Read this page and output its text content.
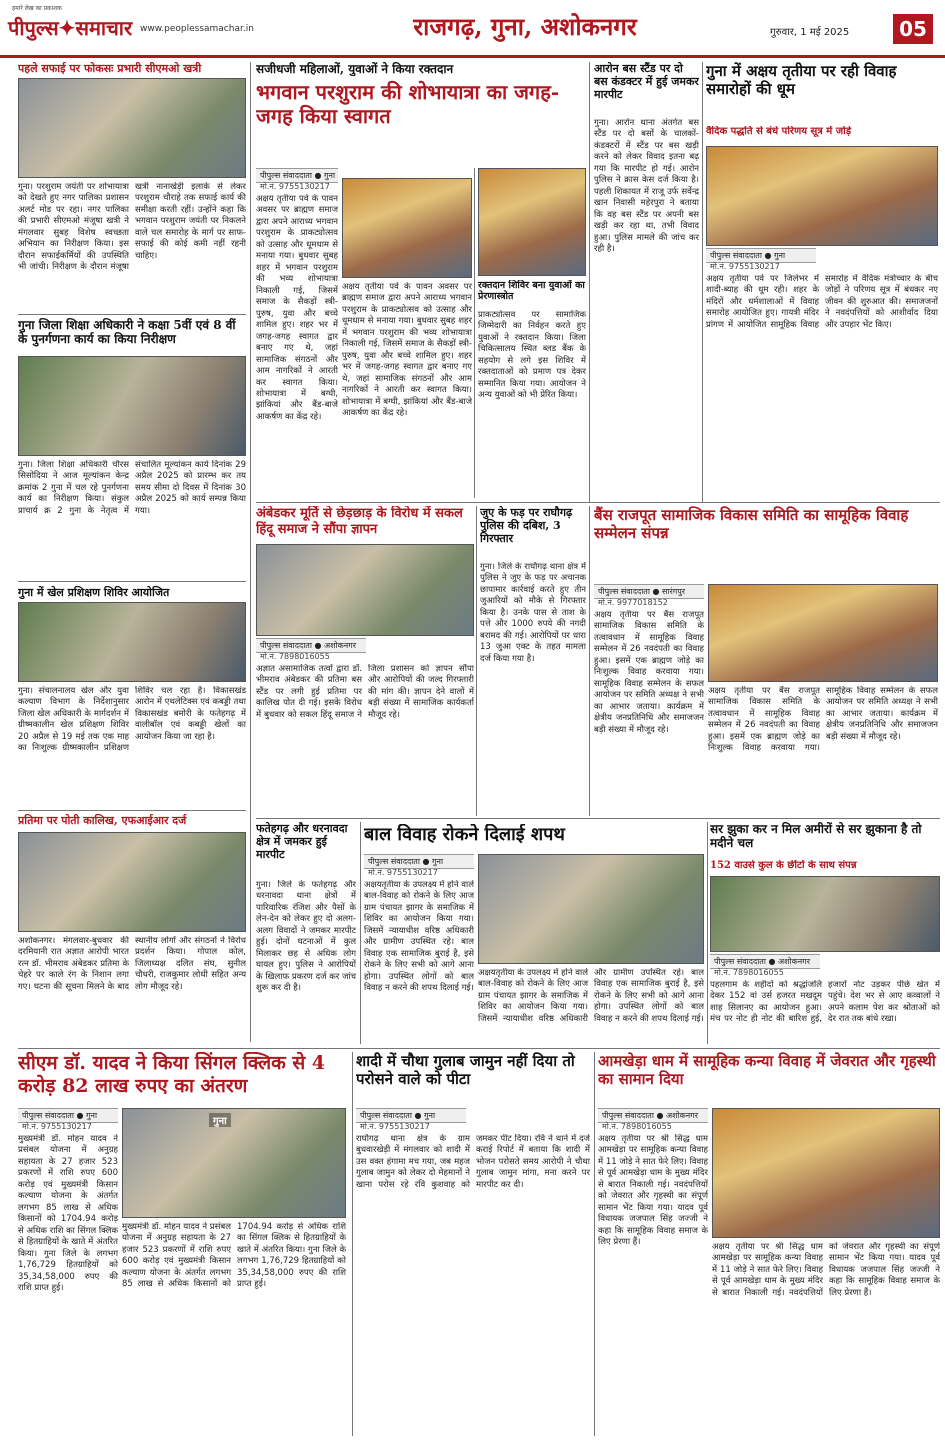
हमारे लेख का प्रकाशक
पीपुल्स✦समाचार www.peoplessamachar.in	राजगढ़, गुना, अशोकनगर	गुरुवार, 1 मई 2025	05
पहले सफाई पर फोकसः प्रभारी सीएमओ खत्री
गुना। परशुराम जयंती पर शोभायात्रा को देखते हुए नगर पालिका प्रशासन अलर्ट मोड पर रहा। नगर पालिका की प्रभारी सीएमओ मंजूषा खत्री ने मंगलवार सुबह विशेष स्वच्छता अभियान का निरीक्षण किया। इस दौरान सफाईकर्मियों की उपस्थिति भी जांची। निरीक्षण के दौरान मंजूषा खत्री नानाखेड़ी इलाके से लेकर परशुराम चौराहे तक सफाई कार्य की समीक्षा करती रहीं। उन्होंने कहा कि भगवान परशुराम जयंती पर निकलने वाले चल समारोह के मार्ग पर साफ-सफाई की कोई कमी नहीं रहनी चाहिए।
गुना जिला शिक्षा अधिकारी ने कक्षा 5वीं एवं 8 वीं के पुनर्गणना कार्य का किया निरीक्षण
गुना। जिला शिक्षा अधिकारी चौरस सिसोदिया ने आज मूल्यांकन केन्द्र क्रमांक 2 गुना में चल रहे पुनर्गणना कार्य का निरीक्षण किया। संकुल प्राचार्य क्र 2 गुना के नेतृत्व में संचालित मूल्यांकन कार्य दिनांक 29 अप्रैल 2025 को प्रारम्भ कर तय समय सीमा दो दिवस में दिनांक 30 अप्रैल 2025 को कार्य सम्पन्न किया गया।
गुना में खेल प्रशिक्षण शिविर आयोजित
गुना। संचालनालय खेल और युवा कल्याण विभाग के निर्देशानुसार जिला खेल अधिकारी के मार्गदर्शन में ग्रीष्मकालीन खेल प्रशिक्षण शिविर 20 अप्रैल से 19 मई तक एक माह का निःशुल्क ग्रीष्मकालीन प्रशिक्षण शिविर चल रहा है। विकासखंड आरोन में एथलेटिक्स एवं कबड्डी तथा विकासखंड बमोरी के फतेहगढ़ में वालीबॉल एवं कबड्डी खेलों का आयोजन किया जा रहा है।
प्रतिमा पर पोती कालिख, एफआईआर दर्ज
अशोकनगर। मंगलवार-बुधवार की दरमियानी रात अज्ञात आरोपी भारत रत्न डॉ. भीमराव अंबेडकर प्रतिमा के चेहरे पर काले रंग के निशान लगा गए। घटना की सूचना मिलने के बाद स्थानीय लोगों और संगठनों ने विरोध प्रदर्शन किया। गोपाल कोल, जिलाध्यक्ष दलित संघ, सुनील चौधरी, राजकुमार लोधी सहित अन्य लोग मौजूद रहे।
सजीधजी महिलाओं, युवाओं ने किया रक्तदान
भगवान परशुराम की शोभायात्रा का जगह-जगह किया स्वागत
पीपुल्स संवाददाता ● गुना
मो.नं. 9755130217
अक्षय तृतीया पर्व के पावन अवसर पर ब्राह्मण समाज द्वारा अपने आराध्य भगवान परशुराम के प्राकट्योत्सव को उत्साह और धूमधाम से मनाया गया। बुधवार सुबह शहर में भगवान परशुराम की भव्य शोभायात्रा निकाली गई, जिसमें समाज के सैकड़ों स्त्री-पुरुष, युवा और बच्चे शामिल हुए। शहर भर में जगह-जगह स्वागत द्वार बनाए गए थे, जहां सामाजिक संगठनों और आम नागरिकों ने आरती कर स्वागत किया। शोभायात्रा में बग्घी, झांकियां और बैंड-बाजे आकर्षण का केंद्र रहे।
अक्षय तृतीया पर्व के पावन अवसर पर ब्राह्मण समाज द्वारा अपने आराध्य भगवान परशुराम के प्राकट्योत्सव को उत्साह और धूमधाम से मनाया गया। बुधवार सुबह शहर में भगवान परशुराम की भव्य शोभायात्रा निकाली गई, जिसमें समाज के सैकड़ों स्त्री-पुरुष, युवा और बच्चे शामिल हुए। शहर भर में जगह-जगह स्वागत द्वार बनाए गए थे, जहां सामाजिक संगठनों और आम नागरिकों ने आरती कर स्वागत किया। शोभायात्रा में बग्घी, झांकियां और बैंड-बाजे आकर्षण का केंद्र रहे।
रक्तदान शिविर बना युवाओं का प्रेरणास्त्रोत
प्राकट्योत्सव पर सामाजिक जिम्मेदारी का निर्वहन करते हुए युवाओं ने रक्तदान किया। जिला चिकित्सालय स्थित ब्लड बैंक के सहयोग से लगे इस शिविर में रक्तदाताओं को प्रमाण पत्र देकर सम्मानित किया गया। आयोजन ने अन्य युवाओं को भी प्रेरित किया।
आरोन बस स्टैंड पर दो बस कंडक्टर में हुई जमकर मारपीट
गुना। आरोन थाना अंतर्गत बस स्टैंड पर दो बसों के चालकों-कंडक्टरों में स्टैंड पर बस खड़ी करने को लेकर विवाद इतना बढ़ गया कि मारपीट हो गई। आरोन पुलिस ने क्रास केस दर्ज किया है। पहली शिकायत में राजू उर्फ सर्वेन्द्र खान निवासी महेरपुरा ने बताया कि वह बस स्टैंड पर अपनी बस खड़ी कर रहा था, तभी विवाद हुआ। पुलिस मामले की जांच कर रही है।
गुना में अक्षय तृतीया पर रही विवाह समारोहों की धूम
वैदिक पद्धति से बंधे परिणय सूत्र में जोड़े
पीपुल्स संवाददाता ● गुना
मो.नं. 9755130217
अक्षय तृतीया पर्व पर जिलेभर में शादी-ब्याह की धूम रही। शहर के मंदिरों और धर्मशालाओं में विवाह समारोह आयोजित हुए। गायत्री मंदिर प्रांगण में आयोजित सामूहिक विवाह समारोह में वैदिक मंत्रोच्चार के बीच जोड़ों ने परिणय सूत्र में बंधकर नए जीवन की शुरुआत की। समाजजनों ने नवदंपत्तियों को आशीर्वाद दिया और उपहार भेंट किए।
अंबेडकर मूर्ति से छेड़छाड़ के विरोध में सकल हिंदू समाज ने सौंपा ज्ञापन
पीपुल्स संवाददाता ● अशोकनगर
मो.नं. 7898016055
अज्ञात असामाजिक तत्वों द्वारा डॉ. भीमराव अंबेडकर की प्रतिमा बस स्टैंड पर लगी हुई प्रतिमा पर कालिख पोत दी गई। इसके विरोध में बुधवार को सकल हिंदू समाज ने जिला प्रशासन को ज्ञापन सौंपा और आरोपियों की जल्द गिरफ्तारी की मांग की। ज्ञापन देने वालों में बड़ी संख्या में सामाजिक कार्यकर्ता मौजूद रहे।
जुए के फड़ पर राघौगढ़ पुलिस की दबिश, 3 गिरफ्तार
गुना। जिले के राघौगढ़ थाना क्षेत्र में पुलिस ने जुए के फड़ पर अचानक छापामार कार्रवाई करते हुए तीन जुआरियों को मौके से गिरफ्तार किया है। उनके पास से ताश के पत्ते और 1000 रुपये की नगदी बरामद की गई। आरोपियों पर धारा 13 जुआ एक्ट के तहत मामला दर्ज किया गया है।
बैंस राजपूत सामाजिक विकास समिति का सामूहिक विवाह सम्मेलन संपन्न
पीपुल्स संवाददाता ● सारंगपुर
मो.नं. 9977018152
अक्षय तृतीया पर बैंस राजपूत सामाजिक विकास समिति के तत्वावधान में सामूहिक विवाह सम्मेलन में 26 नवदंपती का विवाह हुआ। इसमें एक ब्राह्मण जोड़े का निःशुल्क विवाह करवाया गया। सामूहिक विवाह सम्मेलन के सफल आयोजन पर समिति अध्यक्ष ने सभी का आभार जताया। कार्यक्रम में क्षेत्रीय जनप्रतिनिधि और समाजजन बड़ी संख्या में मौजूद रहे।
अक्षय तृतीया पर बैंस राजपूत सामाजिक विकास समिति के तत्वावधान में सामूहिक विवाह सम्मेलन में 26 नवदंपती का विवाह हुआ। इसमें एक ब्राह्मण जोड़े का निःशुल्क विवाह करवाया गया। सामूहिक विवाह सम्मेलन के सफल आयोजन पर समिति अध्यक्ष ने सभी का आभार जताया। कार्यक्रम में क्षेत्रीय जनप्रतिनिधि और समाजजन बड़ी संख्या में मौजूद रहे।
फतेहगढ़ और धरनावदा क्षेत्र में जमकर हुई मारपीट
गुना। जिले के फतेहगढ़ और धरनावदा थाना क्षेत्रों में पारिवारिक रंजिश और पैसों के लेन-देन को लेकर हुए दो अलग-अलग विवादों ने जमकर मारपीट हुई। दोनों घटनाओं में कुल मिलाकर छह से अधिक लोग घायल हुए। पुलिस ने आरोपियों के खिलाफ प्रकरण दर्ज कर जांच शुरू कर दी है।
बाल विवाह रोकने दिलाई शपथ
पीपुल्स संवाददाता ● गुना
मो.नं. 9755130217
अक्षयतृतीया के उपलक्ष्य में होने वाले बाल-विवाह को रोकने के लिए आज ग्राम पंचायत झागर के समाजिक में शिविर का आयोजन किया गया। जिसमें न्यायाधीश वरिष्ठ अधिकारी और ग्रामीण उपस्थित रहे। बाल विवाह एक सामाजिक बुराई है, इसे रोकने के लिए सभी को आगे आना होगा। उपस्थित लोगों को बाल विवाह न करने की शपथ दिलाई गई।
अक्षयतृतीया के उपलक्ष्य में होने वाले बाल-विवाह को रोकने के लिए आज ग्राम पंचायत झागर के समाजिक में शिविर का आयोजन किया गया। जिसमें न्यायाधीश वरिष्ठ अधिकारी और ग्रामीण उपस्थित रहे। बाल विवाह एक सामाजिक बुराई है, इसे रोकने के लिए सभी को आगे आना होगा। उपस्थित लोगों को बाल विवाह न करने की शपथ दिलाई गई।
सर झुका कर न मिल अमीरों से सर झुकाना है तो मदीने चल
152 वाउर्स कुल के छींटों के साथ संपन्न
पीपुल्स संवाददाता ● अशोकनगर
मो.नं. 7898016055
पहलगाम के शहीदों को श्रद्धांजलि देकर 152 वां उर्स हजरत मखदूम शाह सिलानए का आयोजन हुआ। मंच पर नोट ही नोट की बारिश हुई, हजारों नोट उड़कर पीछे खेत में पहुंचे। देश भर से आए कव्वालों ने अपने कलाम पेश कर श्रोताओं को देर रात तक बांधे रखा।
सीएम डॉ. यादव ने किया सिंगल क्लिक से 4 करोड़ 82 लाख रुपए का अंतरण
पीपुल्स संवाददाता ● गुना
मो.नं. 9755130217
मुख्यमंत्री डॉ. मोहन यादव ने प्रसंबल योजना में अनुग्रह सहायता के 27 हजार 523 प्रकरणों में राशि रुपए 600 करोड़ एवं मुख्यमंत्री किसान कल्याण योजना के अंतर्गत लगभग 85 लाख से अधिक किसानों को 1704.94 करोड़ से अधिक राशि का सिंगल क्लिक से हितग्राहियों के खाते में अंतरित किया। गुना जिले के लगभग 1,76,729 हितग्राहियों को 35,34,58,000 रुपए की राशि प्राप्त हुई।
गुना
मुख्यमंत्री डॉ. मोहन यादव ने प्रसंबल योजना में अनुग्रह सहायता के 27 हजार 523 प्रकरणों में राशि रुपए 600 करोड़ एवं मुख्यमंत्री किसान कल्याण योजना के अंतर्गत लगभग 85 लाख से अधिक किसानों को 1704.94 करोड़ से अधिक राशि का सिंगल क्लिक से हितग्राहियों के खाते में अंतरित किया। गुना जिले के लगभग 1,76,729 हितग्राहियों को 35,34,58,000 रुपए की राशि प्राप्त हुई।
शादी में चौथा गुलाब जामुन नहीं दिया तो परोसने वाले को पीटा
पीपुल्स संवाददाता ● गुना
मो.नं. 9755130217
राघौगढ़ थाना क्षेत्र के ग्राम बुधवारखेड़ी में मंगलवार को शादी में उस वक्त हंगामा मच गया, जब महज गुलाब जामुन को लेकर दो मेहमानों ने खाना परोस रहे रवि कुशवाह को जमकर पीट दिया। रवि ने थाने में दर्ज कराई रिपोर्ट में बताया कि शादी में भोजन परोसते समय आरोपी ने चौथा गुलाब जामुन मांगा, मना करने पर मारपीट कर दी।
आमखेड़ा धाम में सामूहिक कन्या विवाह में जेवरात और गृहस्थी का सामान दिया
पीपुल्स संवाददाता ● अशोकनगर
मो.नं. 7898016055
अक्षय तृतीया पर श्री सिद्ध धाम आमखेड़ा पर सामूहिक कन्या विवाह में 11 जोड़े ने सात फेरे लिए। विवाह से पूर्व आमखेड़ा धाम के मुख्य मंदिर से बारात निकाली गई। नवदंपत्तियों को जेवरात और गृहस्थी का संपूर्ण सामान भेंट किया गया। यादव पूर्व विधायक जजपाल सिंह जज्जी ने कहा कि सामूहिक विवाह समाज के लिए प्रेरणा हैं।	अक्षय तृतीया पर श्री सिद्ध धाम आमखेड़ा पर सामूहिक कन्या विवाह में 11 जोड़े ने सात फेरे लिए। विवाह से पूर्व आमखेड़ा धाम के मुख्य मंदिर से बारात निकाली गई। नवदंपत्तियों को जेवरात और गृहस्थी का संपूर्ण सामान भेंट किया गया। यादव पूर्व विधायक जजपाल सिंह जज्जी ने कहा कि सामूहिक विवाह समाज के लिए प्रेरणा हैं।
